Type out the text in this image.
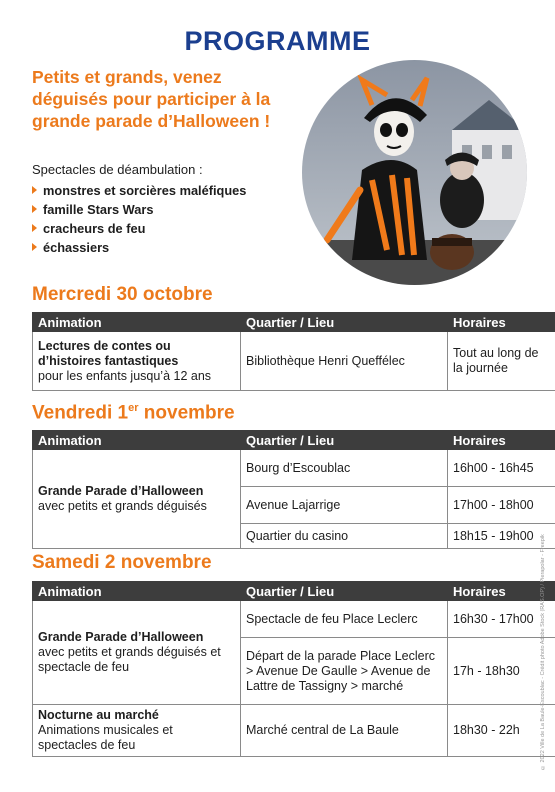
PROGRAMME
Petits et grands, venez déguisés pour participer à la grande parade d’Halloween !
Spectacles de déambulation :
monstres et sorcières maléfiques
famille Stars Wars
cracheurs de feu
échassiers
Mercredi 30 octobre
Animation	Quartier / Lieu	Horaires

Lectures de contes ou d’histoires fantastiques
pour les enfants jusqu’à 12 ans	Bibliothèque Henri Queffélec	Tout au long de la journée
Vendredi 1er novembre
Animation	Quartier / Lieu	Horaires

Grande Parade d’Halloween
avec petits et grands déguisés	Bourg d’Escoublac	16h00 - 16h45
	Avenue Lajarrige	17h00 - 18h00
	Quartier du casino	18h15 - 19h00
Samedi 2 novembre
Animation	Quartier / Lieu	Horaires

Grande Parade d’Halloween
avec petits et grands déguisés et spectacle de feu	Spectacle de feu Place Leclerc	16h30 - 17h00
	Départ de la parade Place Leclerc > Avenue De Gaulle > Avenue de Lattre de Tassigny > marché	17h - 18h30

Nocturne au marché
Animations musicales et spectacles de feu	Marché central de La Baule	18h30 - 22h	© 2022 Ville de La Baule-Escoublac - Crédit photo Adobe Stock (RAS.OP) / Pierapolar - Freepik
